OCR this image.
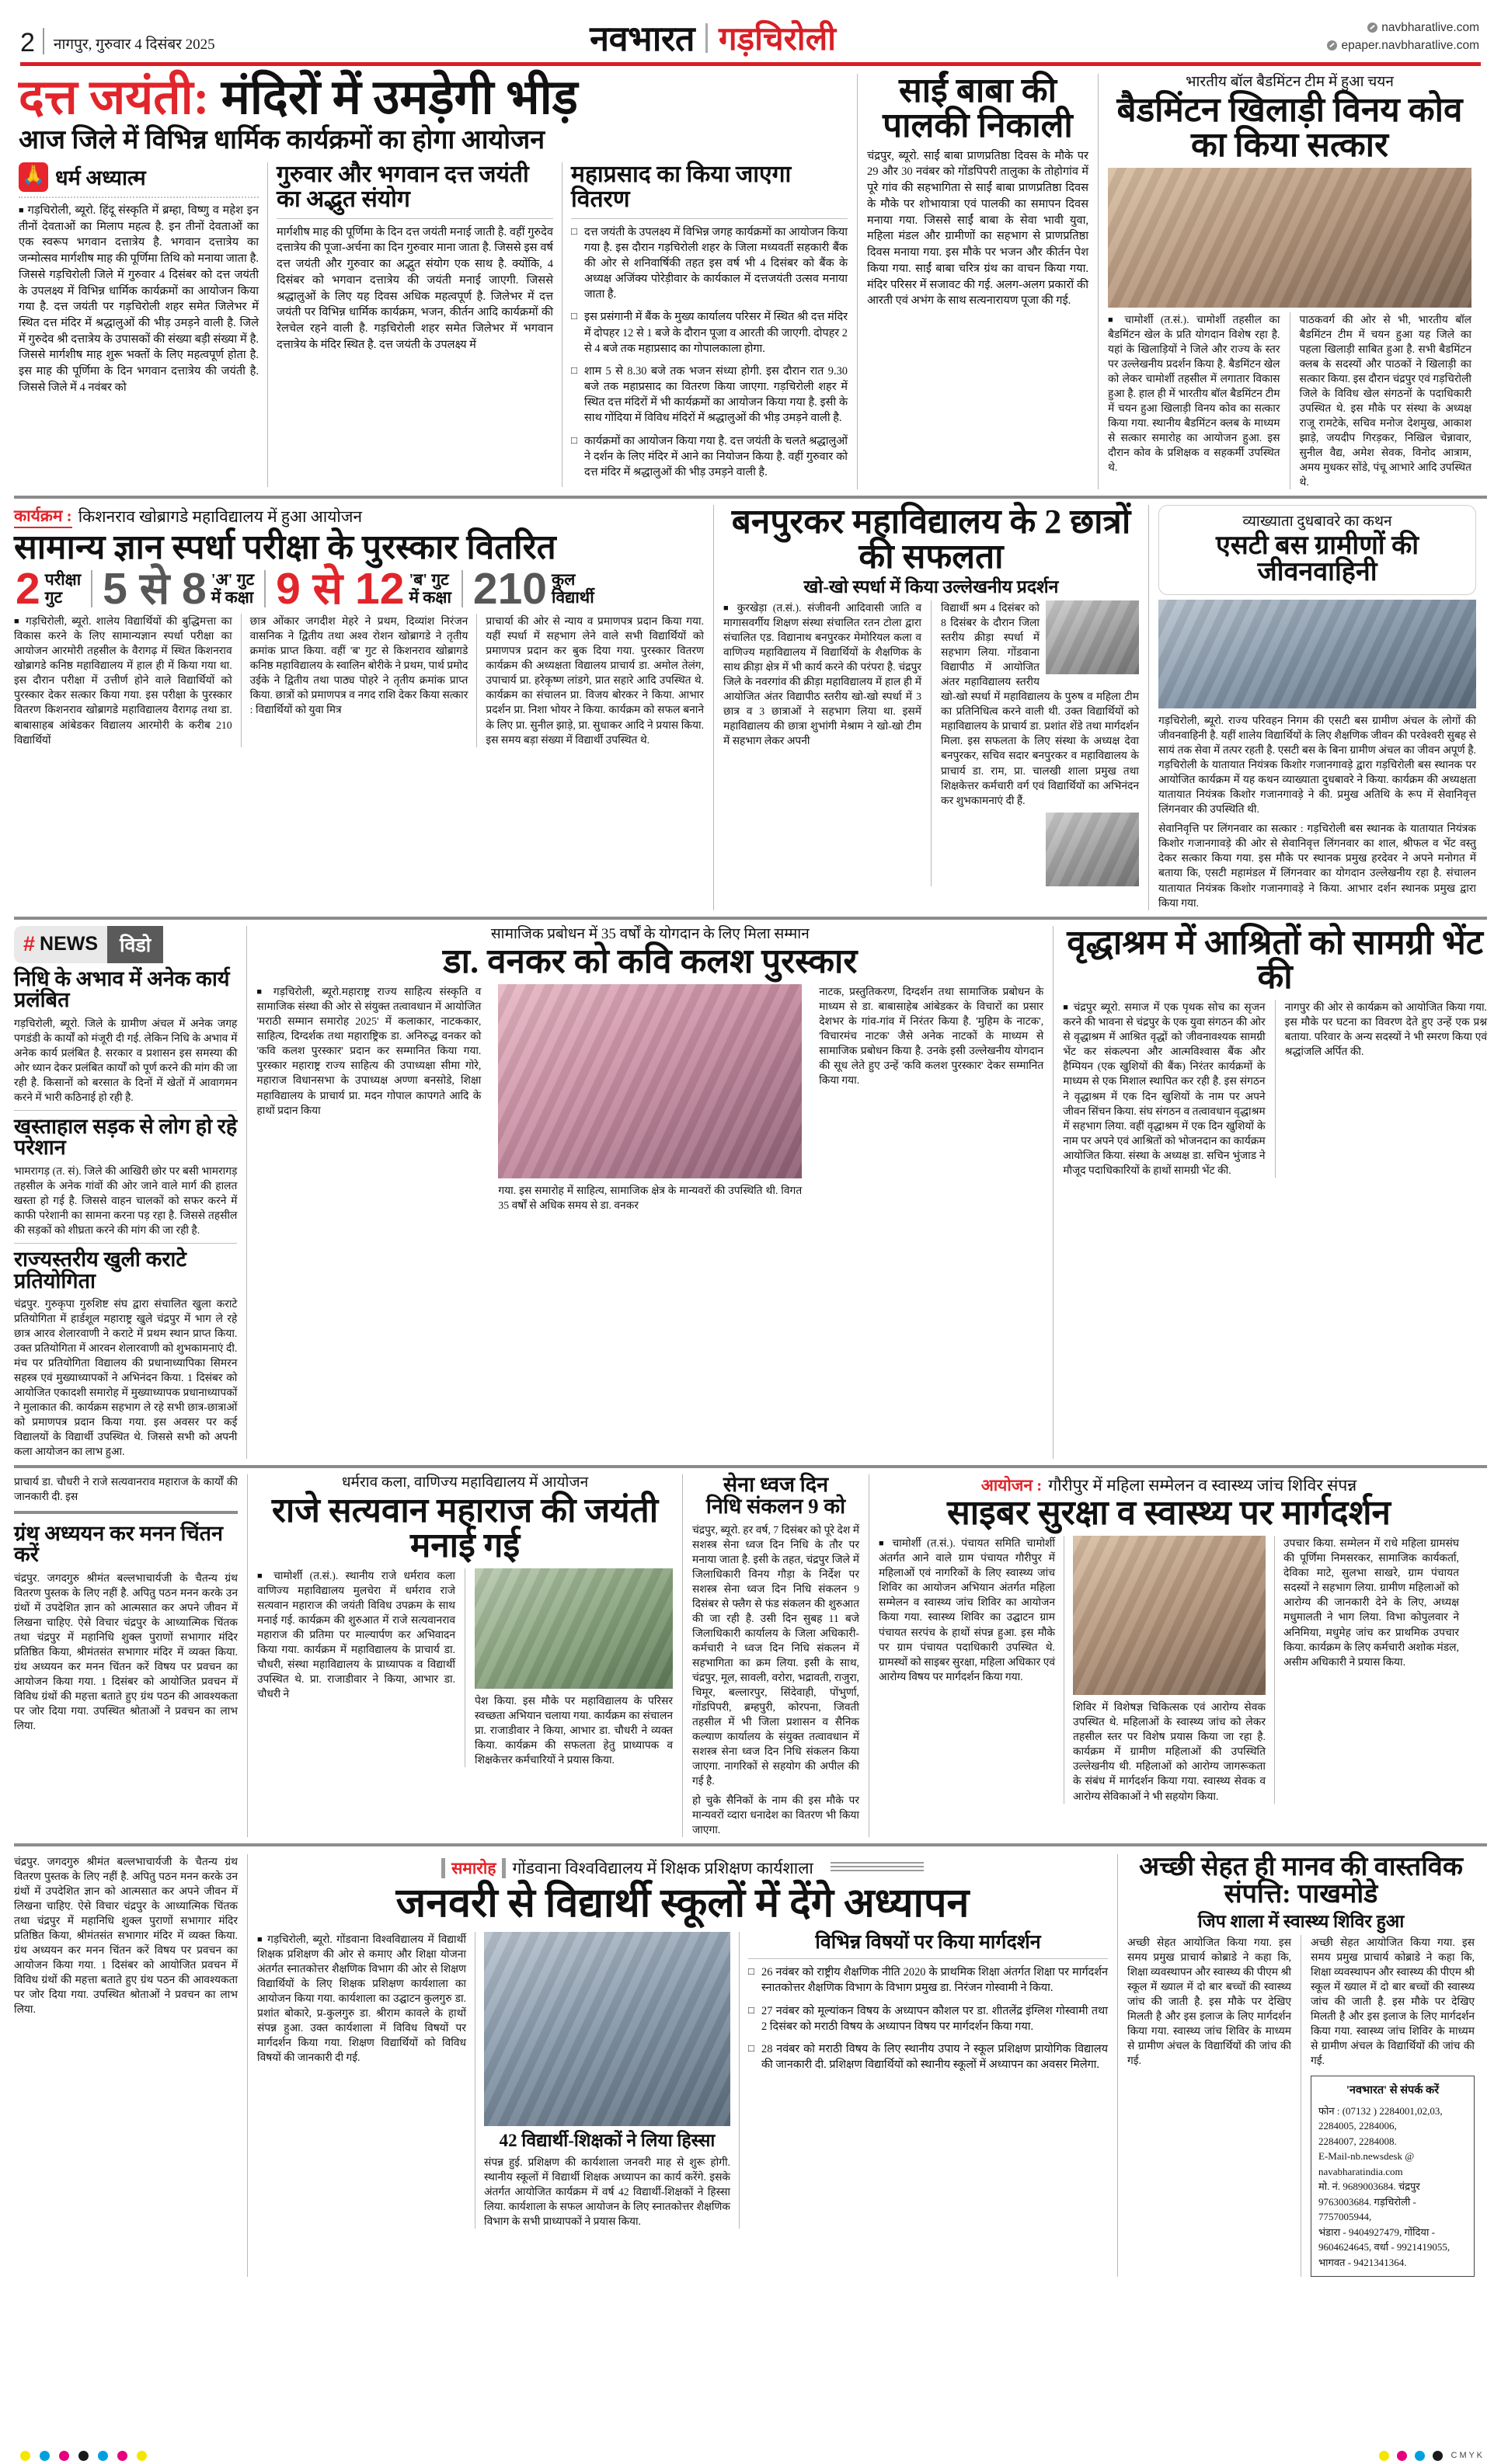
2 नागपुर, गुरुवार 4 दिसंबर 2025	नवभारत गड़चिरोली	navbharatlive.com
epaper.navbharatlive.com
दत्त जयंती: मंदिरों में उमड़ेगी भीड़
आज जिले में विभिन्न धार्मिक कार्यक्रमों का होगा आयोजन
🙏 धर्म अध्यात्म
■ गड़चिरोली, ब्यूरो. हिंदू संस्कृति में ब्रम्हा, विष्णु व महेश इन तीनों देवताओं का मिलाप महत्व है. इन तीनों देवताओं का एक स्वरूप भगवान दत्तात्रेय है. भगवान दत्तात्रेय का जन्मोत्सव मार्गशीष माह की पूर्णिमा तिथि को मनाया जाता है. जिससे गड़चिरोली जिले में गुरुवार 4 दिसंबर को दत्त जयंती के उपलक्ष्य में विभिन्न धार्मिक कार्यक्रमों का आयोजन किया गया है. दत्त जयंती पर गड़चिरोली शहर समेत जिलेभर में स्थित दत्त मंदिर में श्रद्धालुओं की भीड़ उमड़ने वाली है. जिले में गुरुदेव श्री दत्तात्रेय के उपासकों की संख्या बड़ी संख्या में है. जिससे मार्गशीष माह शुरू भक्तों के लिए महत्वपूर्ण होता है. इस माह की पूर्णिमा के दिन भगवान दत्तात्रेय की जयंती है. जिससे जिले में 4 नवंबर को
गुरुवार और भगवान दत्त जयंती का अद्भुत संयोग
मार्गशीष माह की पूर्णिमा के दिन दत्त जयंती मनाई जाती है. वहीं गुरुदेव दत्तात्रेय की पूजा-अर्चना का दिन गुरुवार माना जाता है. जिससे इस वर्ष दत्त जयंती और गुरुवार का अद्भुत संयोग एक साथ है. क्योंकि, 4 दिसंबर को भगवान दत्तात्रेय की जयंती मनाई जाएगी. जिससे श्रद्धालुओं के लिए यह दिवस अधिक महत्वपूर्ण है. जिलेभर में दत्त जयंती पर विभिन्न धार्मिक कार्यक्रम, भजन, कीर्तन आदि कार्यक्रमों की रेलचेल रहने वाली है. गड़चिरोली शहर समेत जिलेभर में भगवान दत्तात्रेय के मंदिर स्थित है. दत्त जयंती के उपलक्ष्य में
महाप्रसाद का किया जाएगा वितरण
□ दत्त जयंती के उपलक्ष्य में विभिन्न जगह कार्यक्रमों का आयोजन किया गया है. इस दौरान गड़चिरोली शहर के जिला मध्यवर्ती सहकारी बैंक की ओर से शनिवार्षिकी तहत इस वर्ष भी 4 दिसंबर को बैंक के अध्यक्ष अजिंक्य पोरेड़ीवार के कार्यकाल में दत्तजयंती उत्सव मनाया जाता है.
□ इस प्रसंगानी में बैंक के मुख्य कार्यालय परिसर में स्थित श्री दत्त मंदिर में दोपहर 12 से 1 बजे के दौरान पूजा व आरती की जाएगी. दोपहर 2 से 4 बजे तक महाप्रसाद का गोपालकाला होगा.
□ शाम 5 से 8.30 बजे तक भजन संध्या होगी. इस दौरान रात 9.30 बजे तक महाप्रसाद का वितरण किया जाएगा. गड़चिरोली शहर में स्थित दत्त मंदिरों में भी कार्यक्रमों का आयोजन किया गया है. इसी के साथ गोंदिया में विविध मंदिरों में श्रद्धालुओं की भीड़ उमड़ने वाली है.
□ कार्यक्रमों का आयोजन किया गया है. दत्त जयंती के चलते श्रद्धालुओं ने दर्शन के लिए मंदिर में आने का नियोजन किया है. वहीं गुरुवार को दत्त मंदिर में श्रद्धालुओं की भीड़ उमड़ने वाली है.
साईं बाबा की
पालकी निकाली
चंद्रपुर, ब्यूरो. साईं बाबा प्राणप्रतिष्ठा दिवस के मौके पर 29 और 30 नवंबर को गोंडपिपरी तालुका के तोहोगांव में पूरे गांव की सहभागिता से साईं बाबा प्राणप्रतिष्ठा दिवस के मौके पर शोभायात्रा एवं पालकी का समापन दिवस मनाया गया. जिससे साईं बाबा के सेवा भावी युवा, महिला मंडल और ग्रामीणों का सहभाग से प्राणप्रतिष्ठा दिवस मनाया गया. इस मौके पर भजन और कीर्तन पेश किया गया. साईं बाबा चरित्र ग्रंथ का वाचन किया गया. मंदिर परिसर में सजावट की गई. अलग-अलग प्रकारों की आरती एवं अभंग के साथ सत्यनारायण पूजा की गई.
भारतीय बॉल बैडमिंटन टीम में हुआ चयन
बैडमिंटन खिलाड़ी विनय कोव का किया सत्कार
■ चामोर्शी (त.सं.). चामोर्शी तहसील का बैडमिंटन खेल के प्रति योगदान विशेष रहा है. यहां के खिलाड़ियों ने जिले और राज्य के स्तर पर उल्लेखनीय प्रदर्शन किया है. बैडमिंटन खेल को लेकर चामोर्शी तहसील में लगातार विकास हुआ है. हाल ही में भारतीय बॉल बैडमिंटन टीम में चयन हुआ खिलाड़ी विनय कोव का सत्कार किया गया. स्थानीय बैडमिंटन क्लब के माध्यम से सत्कार समारोह का आयोजन हुआ. इस दौरान कोव के प्रशिक्षक व सहकर्मी उपस्थित थे.
पाठकवर्ग की ओर से भी, भारतीय बॉल बैडमिंटन टीम में चयन हुआ यह जिले का पहला खिलाड़ी साबित हुआ है. सभी बैडमिंटन क्लब के सदस्यों और पाठकों ने खिलाड़ी का सत्कार किया. इस दौरान चंद्रपुर एवं गड़चिरोली जिले के विविध खेल संगठनों के पदाधिकारी उपस्थित थे. इस मौके पर संस्था के अध्यक्ष राजू रामटेके, सचिव मनोज देशमुख, आकाश झाड़े, जयदीप गिरड़कर, निखिल चेन्नावार, सुनील वैद्य, अमेश सेवक, विनोद आत्राम, अमय मुधकर सोंडे, पंचू आभारे आदि उपस्थित थे.
कार्यक्रम : किशनराव खोब्रागडे महाविद्यालय में हुआ आयोजन
सामान्य ज्ञान स्पर्धा परीक्षा के पुरस्कार वितरित
2 परीक्षा
गुट 5 से 8 'अ' गुट
में कक्षा 9 से 12 'ब' गुट
में कक्षा 210 कुल
विद्यार्थी
■ गड़चिरोली, ब्यूरो. शालेय विद्यार्थियों की बुद्धिमत्ता का विकास करने के लिए सामान्यज्ञान स्पर्धा परीक्षा का आयोजन आरमोरी तहसील के वैरागढ़ में स्थित किशनराव खोब्रागडे कनिष्ठ महाविद्यालय में हाल ही में किया गया था. इस दौरान परीक्षा में उत्तीर्ण होने वाले विद्यार्थियों को पुरस्कार देकर सत्कार किया गया. इस परीक्षा के पुरस्कार वितरण किशनराव खोब्रागडे महाविद्यालय वैरागढ़ तथा डा. बाबासाहब आंबेडकर विद्यालय आरमोरी के करीब 210 विद्यार्थियों
छात्र ओंकार जगदीश मेहरे ने प्रथम, दिव्यांश निरंजन वासनिक ने द्वितीय तथा अश्व रोशन खोब्रागडे ने तृतीय क्रमांक प्राप्त किया. वहीं 'ब' गुट से किशनराव खोब्रागडे कनिष्ठ महाविद्यालय के स्वालिन बोरीके ने प्रथम, पार्थ प्रमोद उईके ने द्वितीय तथा पाठ्य पोहरे ने तृतीय क्रमांक प्राप्त किया. छात्रों को प्रमाणपत्र व नगद राशि देकर किया सत्कार : विद्यार्थियों को युवा मित्र
प्राचार्या की ओर से न्याय व प्रमाणपत्र प्रदान किया गया. यहीं स्पर्धा में सहभाग लेने वाले सभी विद्यार्थियों को प्रमाणपत्र प्रदान कर बुक दिया गया. पुरस्कार वितरण कार्यक्रम की अध्यक्षता विद्यालय प्राचार्य डा. अमोल तेलंग, उपाचार्य प्रा. हरेकृष्ण लांडगे, प्रात सहारे आदि उपस्थित थे. कार्यक्रम का संचालन प्रा. विजय बोरकर ने किया. आभार प्रदर्शन प्रा. निशा भोयर ने किया. कार्यक्रम को सफल बनाने के लिए प्रा. सुनील झाड़े, प्रा. सुधाकर आदि ने प्रयास किया. इस समय बड़ा संख्या में विद्यार्थी उपस्थित थे.
बनपुरकर महाविद्यालय के 2 छात्रों की सफलता
खो-खो स्पर्धा में किया उल्लेखनीय प्रदर्शन
■ कुरखेड़ा (त.सं.). संजीवनी आदिवासी जाति व मागासवर्गीय शिक्षण संस्था संचालित रतन टोला द्वारा संचालित एड. विद्यानाथ बनपुरकर मेमोरियल कला व वाणिज्य महाविद्यालय में विद्यार्थियों के शैक्षणिक के साथ क्रीड़ा क्षेत्र में भी कार्य करने की परंपरा है. चंद्रपुर जिले के नवरगांव की क्रीड़ा महाविद्यालय में हाल ही में आयोजित अंतर विद्यापीठ स्तरीय खो-खो स्पर्धा में 3 छात्र व 3 छात्राओं ने सहभाग लिया था. इसमें महाविद्यालय की छात्रा शुभांगी मेश्राम ने खो-खो टीम में सहभाग लेकर अपनी
विद्यार्थी श्रम 4 दिसंबर को 8 दिसंबर के दौरान जिला स्तरीय क्रीड़ा स्पर्धा में सहभाग लिया. गोंडवाना विद्यापीठ में आयोजित अंतर महाविद्यालय स्तरीय खो-खो स्पर्धा में महाविद्यालय के पुरुष व महिला टीम का प्रतिनिधित्व करने वाली थी. उक्त विद्यार्थियों को महाविद्यालय के प्राचार्य डा. प्रशांत शेंडे तथा मार्गदर्शन मिला. इस सफलता के लिए संस्था के अध्यक्ष देवा बनपुरकर, सचिव सदार बनपुरकर व महाविद्यालय के प्राचार्य डा. राम, प्रा. चालखी शाला प्रमुख तथा शिक्षकेत्तर कर्मचारी वर्ग एवं विद्यार्थियों का अभिनंदन कर शुभकामनाएं दी हैं.
व्याख्याता दुधबावरे का कथन
एसटी बस ग्रामीणों की जीवनवाहिनी
गड़चिरोली, ब्यूरो. राज्य परिवहन निगम की एसटी बस ग्रामीण अंचल के लोगों की जीवनवाहिनी है. यहीं शालेय विद्यार्थियों के लिए शैक्षणिक जीवन की परवेश्वरी सुबह से सायं तक सेवा में तत्पर रहती है. एसटी बस के बिना ग्रामीण अंचल का जीवन अपूर्ण है. गड़चिरोली के यातायात नियंत्रक किशोर गजानगावड़े द्वारा गड़चिरोली बस स्थानक पर आयोजित कार्यक्रम में यह कथन व्याख्याता दुधबावरे ने किया. कार्यक्रम की अध्यक्षता यातायात नियंत्रक किशोर गजानगावड़े ने की. प्रमुख अतिथि के रूप में सेवानिवृत्त लिंगनवार की उपस्थिति थी.
सेवानिवृत्ति पर लिंगनवार का सत्कार : गड़चिरोली बस स्थानक के यातायात नियंत्रक किशोर गजानगावड़े की ओर से सेवानिवृत्त लिंगनवार का शाल, श्रीफल व भेंट वस्तु देकर सत्कार किया गया. इस मौके पर स्थानक प्रमुख हरदेवर ने अपने मनोगत में बताया कि, एसटी महामंडल में लिंगनवार का योगदान उल्लेखनीय रहा है. संचालन यातायात नियंत्रक किशोर गजानगावड़े ने किया. आभार दर्शन स्थानक प्रमुख द्वारा किया गया.
# NEWS	विडो
निधि के अभाव में अनेक कार्य प्रलंबित
गड़चिरोली, ब्यूरो. जिले के ग्रामीण अंचल में अनेक जगह पगडंडी के कार्यों को मंजूरी दी गई. लेकिन निधि के अभाव में अनेक कार्य प्रलंबित है. सरकार व प्रशासन इस समस्या की ओर ध्यान देकर प्रलंबित कार्यों को पूर्ण करने की मांग की जा रही है. किसानों को बरसात के दिनों में खेतों में आवागमन करने में भारी कठिनाई हो रही है.
खस्ताहाल सड़क से लोग हो रहे परेशान
भामरागड़ (त. सं). जिले की आखिरी छोर पर बसी भामरागड़ तहसील के अनेक गांवों की ओर जाने वाले मार्ग की हालत खस्ता हो गई है. जिससे वाहन चालकों को सफर करने में काफी परेशानी का सामना करना पड़ रहा है. जिससे तहसील की सड़कों को शीघ्रता करने की मांग की जा रही है.
राज्यस्तरीय खुली कराटे प्रतियोगिता
चंद्रपुर. गुरुकृपा गुरुशिष्ट संघ द्वारा संचालित खुला कराटे प्रतियोगिता में हार्डशूल महाराष्ट्र खुले चंद्रपुर में भाग ले रहे छात्र आरव शेलारवाणी ने कराटे में प्रथम स्थान प्राप्त किया. उक्त प्रतियोगिता में आरवन शेलारवाणी को शुभकामनाएं दी. मंच पर प्रतियोगिता विद्यालय की प्रधानाध्यापिका सिमरन सहस्त्र एवं मुख्याध्यापकों ने अभिनंदन किया. 1 दिसंबर को आयोजित एकादशी समारोह में मुख्याध्यापक प्रधानाध्यापकों ने मुलाकात की. कार्यक्रम सहभाग ले रहे सभी छात्र-छात्राओं को प्रमाणपत्र प्रदान किया गया. इस अवसर पर कई विद्यालयों के विद्यार्थी उपस्थित थे. जिससे सभी को अपनी कला आयोजन का लाभ हुआ.
सामाजिक प्रबोधन में 35 वर्षों के योगदान के लिए मिला सम्मान
डा. वनकर को कवि कलश पुरस्कार
■ गड़चिरोली, ब्यूरो.महाराष्ट्र राज्य साहित्य संस्कृति व सामाजिक संस्था की ओर से संयुक्त तत्वावधान में आयोजित 'मराठी सम्मान समारोह 2025' में कलाकार, नाटककार, साहित्य, दिग्दर्शक तथा महाराष्ट्रिक डा. अनिरुद्ध वनकर को 'कवि कलश पुरस्कार' प्रदान कर सम्मानित किया गया. पुरस्कार महाराष्ट्र राज्य साहित्य की उपाध्यक्षा सीमा गोरे, महाराज विधानसभा के उपाध्यक्ष अण्णा बनसोडे, शिक्षा महाविद्यालय के प्राचार्य प्रा. मदन गोपाल कापगते आदि के हाथों प्रदान किया
गया. इस समारोह में साहित्य, सामाजिक क्षेत्र के मान्यवरों की उपस्थिति थी. विगत 35 वर्षों से अधिक समय से डा. वनकर
नाटक, प्रस्तुतिकरण, दिग्दर्शन तथा सामाजिक प्रबोधन के माध्यम से डा. बाबासाहेब आंबेडकर के विचारों का प्रसार देशभर के गांव-गांव में निरंतर किया है. 'मुहिम के नाटक', 'विचारमंच नाटक' जैसे अनेक नाटकों के माध्यम से सामाजिक प्रबोधन किया है. उनके इसी उल्लेखनीय योगदान की सूध लेते हुए उन्हें 'कवि कलश पुरस्कार' देकर सम्मानित किया गया.
वृद्धाश्रम में आश्रितों को सामग्री भेंट की
■ चंद्रपुर ब्यूरो. समाज में एक पृथक सोच का सृजन करने की भावना से चंद्रपुर के एक युवा संगठन की ओर से वृद्धाश्रम में आश्रित वृद्धों को जीवनावश्यक सामग्री भेंट कर संकल्पना और आत्मविश्वास बैंक और हैम्पियन (एक खुशियों की बैंक) निरंतर कार्यक्रमों के माध्यम से एक मिशाल स्थापित कर रही है. इस संगठन ने वृद्धाश्रम में एक दिन खुशियों के नाम पर अपने जीवन सिंचन किया. संघ संगठन व तत्वावधान वृद्धाश्रम में सहभाग लिया. वहीं वृद्धाश्रम में एक दिन खुशियों के नाम पर अपने एवं आश्रितों को भोजनदान का कार्यक्रम आयोजित किया. संस्था के अध्यक्ष डा. सचिन भुंजाड ने मौजूद पदाधिकारियों के हाथों सामग्री भेंट की.
नागपुर की ओर से कार्यक्रम को आयोजित किया गया. इस मौके पर घटना का विवरण देते हुए उन्हें एक प्रश्न बताया. परिवार के अन्य सदस्यों ने भी स्मरण किया एवं श्रद्धांजलि अर्पित की.
प्राचार्य डा. चौधरी ने राजे सत्यवानराव महाराज के कार्यों की जानकारी दी. इस
ग्रंथ अध्ययन कर मनन चिंतन करें
चंद्रपुर. जगदगुरु श्रीमंत बल्लभाचार्यजी के चैतन्य ग्रंथ वितरण पुस्तक के लिए नहीं है. अपितु पठन मनन करके उन ग्रंथों में उपदेशित ज्ञान को आत्मसात कर अपने जीवन में लिखना चाहिए. ऐसे विचार चंद्रपुर के आध्यात्मिक चिंतक तथा चंद्रपुर में महानिधि शुक्ल पुराणों सभागार मंदिर प्रतिष्ठित किया, श्रीमंतसंत सभागार मंदिर में व्यक्त किया. ग्रंथ अध्ययन कर मनन चिंतन करें विषय पर प्रवचन का आयोजन किया गया. 1 दिसंबर को आयोजित प्रवचन में विविध ग्रंथों की महत्ता बताते हुए ग्रंथ पठन की आवश्यकता पर जोर दिया गया. उपस्थित श्रोताओं ने प्रवचन का लाभ लिया.
धर्मराव कला, वाणिज्य महाविद्यालय में आयोजन
राजे सत्यवान महाराज की जयंती मनाई गई
■ चामोर्शी (त.सं.). स्थानीय राजे धर्मराव कला वाणिज्य महाविद्यालय मुलचेरा में धर्मराव राजे सत्यवान महाराज की जयंती विविध उपक्रम के साथ मनाई गई. कार्यक्रम की शुरुआत में राजे सत्यवानराव महाराज की प्रतिमा पर माल्यार्पण कर अभिवादन किया गया. कार्यक्रम में महाविद्यालय के प्राचार्य डा. चौधरी, संस्था महाविद्यालय के प्राध्यापक व विद्यार्थी उपस्थित थे. प्रा. राजाडीवार ने किया, आभार डा. चौधरी ने
पेश किया. इस मौके पर महाविद्यालय के परिसर स्वच्छता अभियान चलाया गया. कार्यक्रम का संचालन प्रा. राजाडीवार ने किया, आभार डा. चौधरी ने व्यक्त किया. कार्यक्रम की सफलता हेतु प्राध्यापक व शिक्षकेत्तर कर्मचारियों ने प्रयास किया.
सेना ध्वज दिन
निधि संकलन 9 को
चंद्रपुर, ब्यूरो. हर वर्ष, 7 दिसंबर को पूरे देश में सशस्त्र सेना ध्वज दिन निधि के तौर पर मनाया जाता है. इसी के तहत, चंद्रपुर जिले में जिलाधिकारी विनय गौड़ा के निर्देश पर सशस्त्र सेना ध्वज दिन निधि संकलन 9 दिसंबर से फ्लैग से फंड संकलन की शुरुआत की जा रही है. उसी दिन सुबह 11 बजे जिलाधिकारी कार्यालय के जिला अधिकारी-कर्मचारी ने ध्वज दिन निधि संकलन में सहभागिता का क्रम लिया. इसी के साथ, चंद्रपुर, मूल, सावली, वरोरा, भद्रावती, राजुरा, चिमूर, बल्लारपुर, सिंदेवाही, पोंभुर्णा, गोंडपिपरी, ब्रम्हपुरी, कोरपना, जिवती तहसील में भी जिला प्रशासन व सैनिक कल्याण कार्यालय के संयुक्त तत्वावधान में सशस्त्र सेना ध्वज दिन निधि संकलन किया जाएगा. नागरिकों से सहयोग की अपील की गई है.
हो चुके सैनिकों के नाम की इस मौके पर मान्यवरों व्दारा धनादेश का वितरण भी किया जाएगा.
आयोजन : गौरीपुर में महिला सम्मेलन व स्वास्थ्य जांच शिविर संपन्न
साइबर सुरक्षा व स्वास्थ्य पर मार्गदर्शन
■ चामोर्शी (त.सं.). पंचायत समिति चामोर्शी अंतर्गत आने वाले ग्राम पंचायत गौरीपुर में महिलाओं एवं नागरिकों के लिए स्वास्थ्य जांच शिविर का आयोजन अभियान अंतर्गत महिला सम्मेलन व स्वास्थ्य जांच शिविर का आयोजन किया गया. स्वास्थ्य शिविर का उद्घाटन ग्राम पंचायत सरपंच के हाथों संपन्न हुआ. इस मौके पर ग्राम पंचायत पदाधिकारी उपस्थित थे. ग्रामस्थों को साइबर सुरक्षा, महिला अधिकार एवं आरोग्य विषय पर मार्गदर्शन किया गया.
शिविर में विशेषज्ञ चिकित्सक एवं आरोग्य सेवक उपस्थित थे. महिलाओं के स्वास्थ्य जांच को लेकर तहसील स्तर पर विशेष प्रयास किया जा रहा है. कार्यक्रम में ग्रामीण महिलाओं की उपस्थिति उल्लेखनीय थी. महिलाओं को आरोग्य जागरूकता के संबंध में मार्गदर्शन किया गया. स्वास्थ्य सेवक व आरोग्य सेविकाओं ने भी सहयोग किया.
उपचार किया. सम्मेलन में राधे महिला ग्रामसंघ की पूर्णिमा निमसरकर, सामाजिक कार्यकर्ता, देविका माटे, सुलभा साखरे, ग्राम पंचायत सदस्यों ने सहभाग लिया. ग्रामीण महिलाओं को आरोग्य की जानकारी देने के लिए, अध्यक्ष मधुमालती ने भाग लिया. विभा कोपुलवार ने अनिमिया, मधुमेह जांच कर प्राथमिक उपचार किया. कार्यक्रम के लिए कर्मचारी अशोक मंडल, असीम अधिकारी ने प्रयास किया.
चंद्रपुर. जगदगुरु श्रीमंत बल्लभाचार्यजी के चैतन्य ग्रंथ वितरण पुस्तक के लिए नहीं है. अपितु पठन मनन करके उन ग्रंथों में उपदेशित ज्ञान को आत्मसात कर अपने जीवन में लिखना चाहिए. ऐसे विचार चंद्रपुर के आध्यात्मिक चिंतक तथा चंद्रपुर में महानिधि शुक्ल पुराणों सभागार मंदिर प्रतिष्ठित किया, श्रीमंतसंत सभागार मंदिर में व्यक्त किया. ग्रंथ अध्ययन कर मनन चिंतन करें विषय पर प्रवचन का आयोजन किया गया. 1 दिसंबर को आयोजित प्रवचन में विविध ग्रंथों की महत्ता बताते हुए ग्रंथ पठन की आवश्यकता पर जोर दिया गया. उपस्थित श्रोताओं ने प्रवचन का लाभ लिया.
समारोह गोंडवाना विश्वविद्यालय में शिक्षक प्रशिक्षण कार्यशाला
जनवरी से विद्यार्थी स्कूलों में देंगे अध्यापन
■ गड़चिरोली, ब्यूरो. गोंडवाना विश्वविद्यालय में विद्यार्थी शिक्षक प्रशिक्षण की ओर से कमाए और शिक्षा योजना अंतर्गत स्नातकोत्तर शैक्षणिक विभाग की ओर से शिक्षण विद्यार्थियों के लिए शिक्षक प्रशिक्षण कार्यशाला का आयोजन किया गया. कार्यशाला का उद्घाटन कुलगुरु डा. प्रशांत बोकारे, प्र-कुलगुरु डा. श्रीराम कावले के हाथों संपन्न हुआ. उक्त कार्यशाला में विविध विषयों पर मार्गदर्शन किया गया. शिक्षण विद्यार्थियों को विविध विषयों की जानकारी दी गई.
42 विद्यार्थी-शिक्षकों ने लिया हिस्सा
संपन्न हुई. प्रशिक्षण की कार्यशाला जनवरी माह से शुरू होगी. स्थानीय स्कूलों में विद्यार्थी शिक्षक अध्यापन का कार्य करेंगे. इसके अंतर्गत आयोजित कार्यक्रम में वर्ष 42 विद्यार्थी-शिक्षकों ने हिस्सा लिया. कार्यशाला के सफल आयोजन के लिए स्नातकोत्तर शैक्षणिक विभाग के सभी प्राध्यापकों ने प्रयास किया.
विभिन्न विषयों पर किया मार्गदर्शन
□ 26 नवंबर को राष्ट्रीय शैक्षणिक नीति 2020 के प्राथमिक शिक्षा अंतर्गत शिक्षा पर मार्गदर्शन स्नातकोत्तर शैक्षणिक विभाग के विभाग प्रमुख डा. निरंजन गोस्वामी ने किया.
□ 27 नवंबर को मूल्यांकन विषय के अध्यापन कौशल पर डा. शीतलेंद्र इंग्लिश गोस्वामी तथा 2 दिसंबर को मराठी विषय के अध्यापन विषय पर मार्गदर्शन किया गया.
□ 28 नवंबर को मराठी विषय के लिए स्थानीय उपाय ने स्कूल प्रशिक्षण प्रायोगिक विद्यालय की जानकारी दी. प्रशिक्षण विद्यार्थियों को स्थानीय स्कूलों में अध्यापन का अवसर मिलेगा.
अच्छी सेहत ही मानव की वास्तविक संपत्ति: पाखमोडे
जिप शाला में स्वास्थ्य शिविर हुआ
अच्छी सेहत आयोजित किया गया. इस समय प्रमुख प्राचार्य कोब्राडे ने कहा कि, शिक्षा व्यवस्थापन और स्वास्थ्य की पीएम श्री स्कूल में ख्याल में दो बार बच्चों की स्वास्थ्य जांच की जाती है. इस मौके पर देखिए मिलती है और इस इलाज के लिए मार्गदर्शन किया गया. स्वास्थ्य जांच शिविर के माध्यम से ग्रामीण अंचल के विद्यार्थियों की जांच की गई.
अच्छी सेहत आयोजित किया गया. इस समय प्रमुख प्राचार्य कोब्राडे ने कहा कि, शिक्षा व्यवस्थापन और स्वास्थ्य की पीएम श्री स्कूल में ख्याल में दो बार बच्चों की स्वास्थ्य जांच की जाती है. इस मौके पर देखिए मिलती है और इस इलाज के लिए मार्गदर्शन किया गया. स्वास्थ्य जांच शिविर के माध्यम से ग्रामीण अंचल के विद्यार्थियों की जांच की गई.
'नवभारत' से संपर्क करें
फोन : (07132 ) 2284001,02,03,
2284005, 2284006,
2284007, 2284008.
E-Mail-nb.newsdesk @
navabharatindia.com
मो. नं. 9689003684. चंद्रपुर
9763003684. गड़चिरोली - 7757005944,
भंडारा - 9404927479, गोंदिया -
9604624645, वर्धा - 9921419055,
भागवत - 9421341364.
C M Y K
